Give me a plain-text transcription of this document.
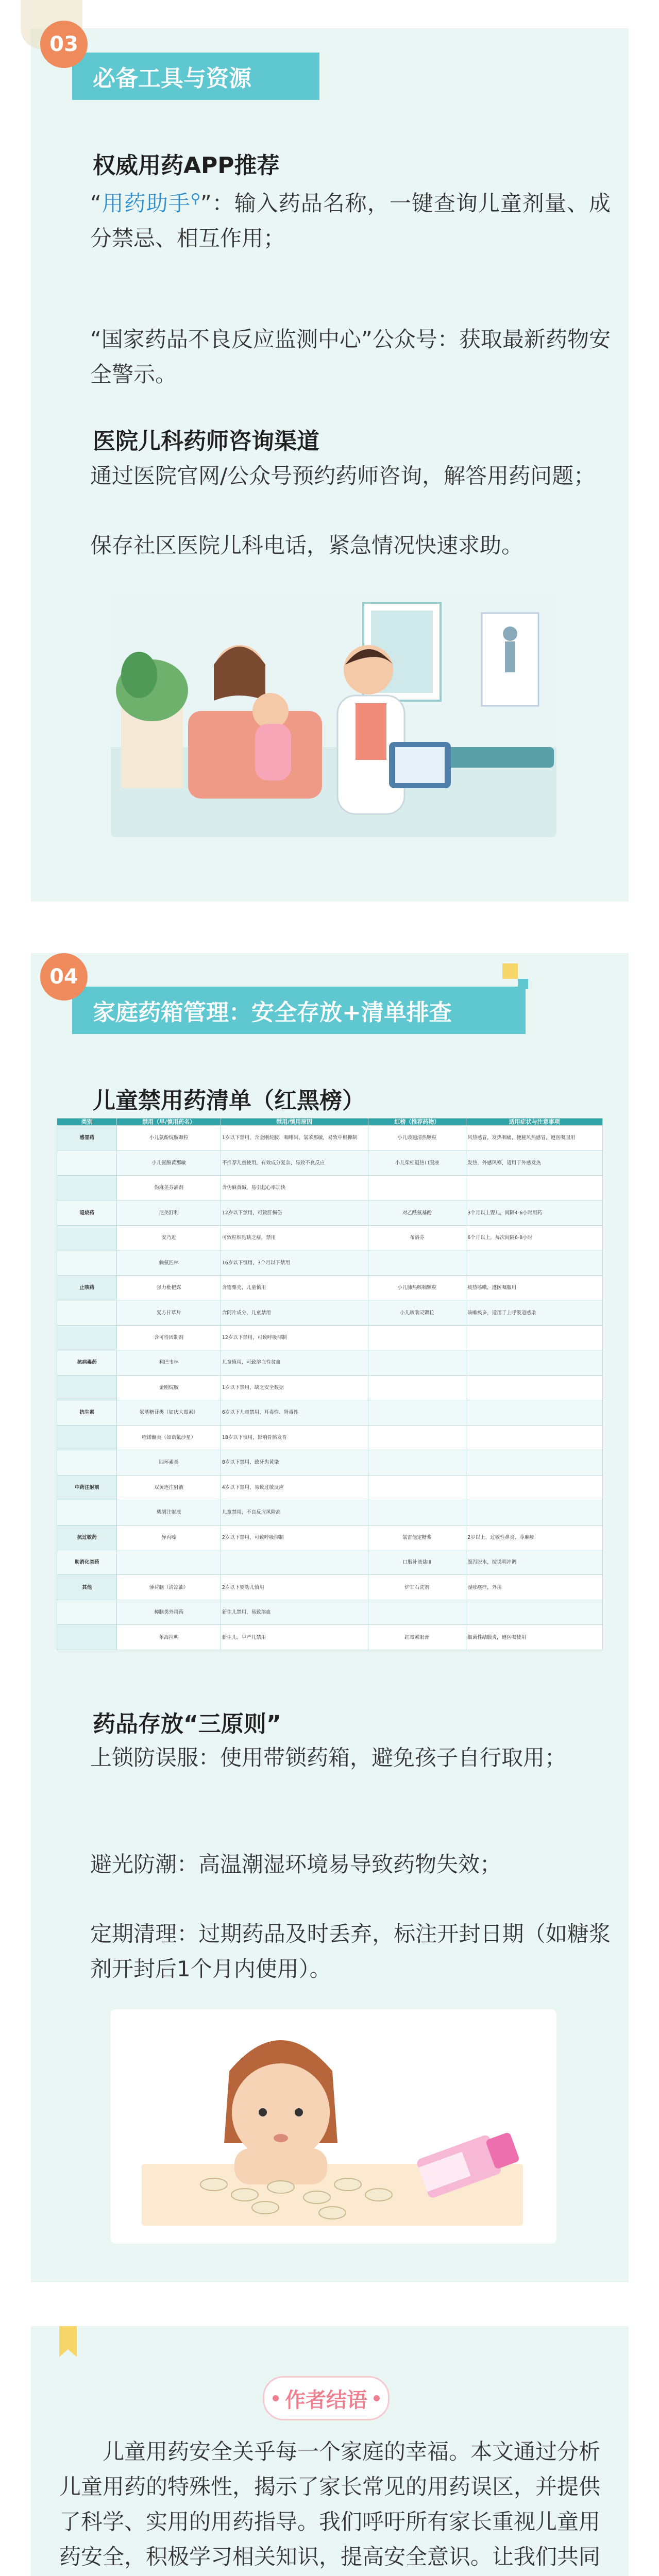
03
必备工具与资源
权威用药APP推荐
“用药助手⚲”：输入药品名称，一键查询儿童剂量、成分禁忌、相互作用；
“国家药品不良反应监测中心”公众号：获取最新药物安全警示。
医院儿科药师咨询渠道
通过医院官网/公众号预约药师咨询，解答用药问题；
保存社区医院儿科电话，紧急情况快速求助。
04
家庭药箱管理：安全存放+清单排查
儿童禁用药清单（红黑榜）
类别	禁用（早/慎用药名）	禁用/慎用原因	红榜（推荐药物）	适用症状与注意事项
感冒药	小儿氨酚烷胺颗粒	1岁以下禁用，含金刚烷胺、咖啡因、氯苯那敏，易致中枢抑制	小儿豉翘清热颗粒	风热感冒，发热咽痛，便秘风热感冒，遵医嘱服用
	小儿氨酚黄那敏	不推荐儿童使用，有效成分复杂，易致不良反应	小儿柴桂退热口服液	发热，外感风寒，适用于外感发热
	伪麻美芬滴剂	含伪麻黄碱，易引起心率加快		
退烧药	尼美舒利	12岁以下禁用，可致肝损伤	对乙酰氨基酚	3个月以上婴儿，间隔4-6小时用药
	安乃近	可致粒细胞缺乏症，禁用	布洛芬	6个月以上，每次间隔6-8小时
	赖氨匹林	16岁以下慎用，3个月以下禁用		
止咳药	强力枇杷露	含罂粟壳，儿童慎用	小儿肺热咳喘颗粒	痰热咳嗽，遵医嘱服用
	复方甘草片	含阿片成分，儿童禁用	小儿咳喘灵颗粒	咳嗽痰多，适用于上呼吸道感染
	含可待因制剂	12岁以下禁用，可致呼吸抑制		
抗病毒药	利巴韦林	儿童慎用，可致溶血性贫血		
	金刚烷胺	1岁以下禁用，缺乏安全数据		
抗生素	氨基糖苷类（如庆大霉素）	6岁以下儿童禁用，耳毒性、肾毒性		
	喹诺酮类（如诺氟沙星）	18岁以下慎用，影响骨骼发育		
	四环素类	8岁以下禁用，致牙齿黄染		
中药注射剂	双黄连注射液	4岁以下禁用，易致过敏反应		
	柴胡注射液	儿童禁用，不良反应风险高		
抗过敏药	异丙嗪	2岁以下禁用，可致呼吸抑制	氯雷他定糖浆	2岁以上，过敏性鼻炎、荨麻疹
助消化类药			口服补液盐III	腹泻脱水，按说明冲调
其他	薄荷脑（清凉油）	2岁以下婴幼儿慎用	炉甘石洗剂	湿疹瘙痒，外用
	樟脑类外用药	新生儿禁用，易致溶血		
	苯海拉明	新生儿、早产儿禁用	红霉素眼膏	细菌性结膜炎，遵医嘱使用
药品存放“三原则”
上锁防误服：使用带锁药箱，避免孩子自行取用；
避光防潮：高温潮湿环境易导致药物失效；
定期清理：过期药品及时丢弃，标注开封日期（如糖浆剂开封后1个月内使用）。
作者结语
儿童用药安全关乎每一个家庭的幸福。本文通过分析儿童用药的特殊性，揭示了家长常见的用药误区，并提供了科学、实用的用药指导。我们呼吁所有家长重视儿童用药安全，积极学习相关知识，提高安全意识。让我们共同
